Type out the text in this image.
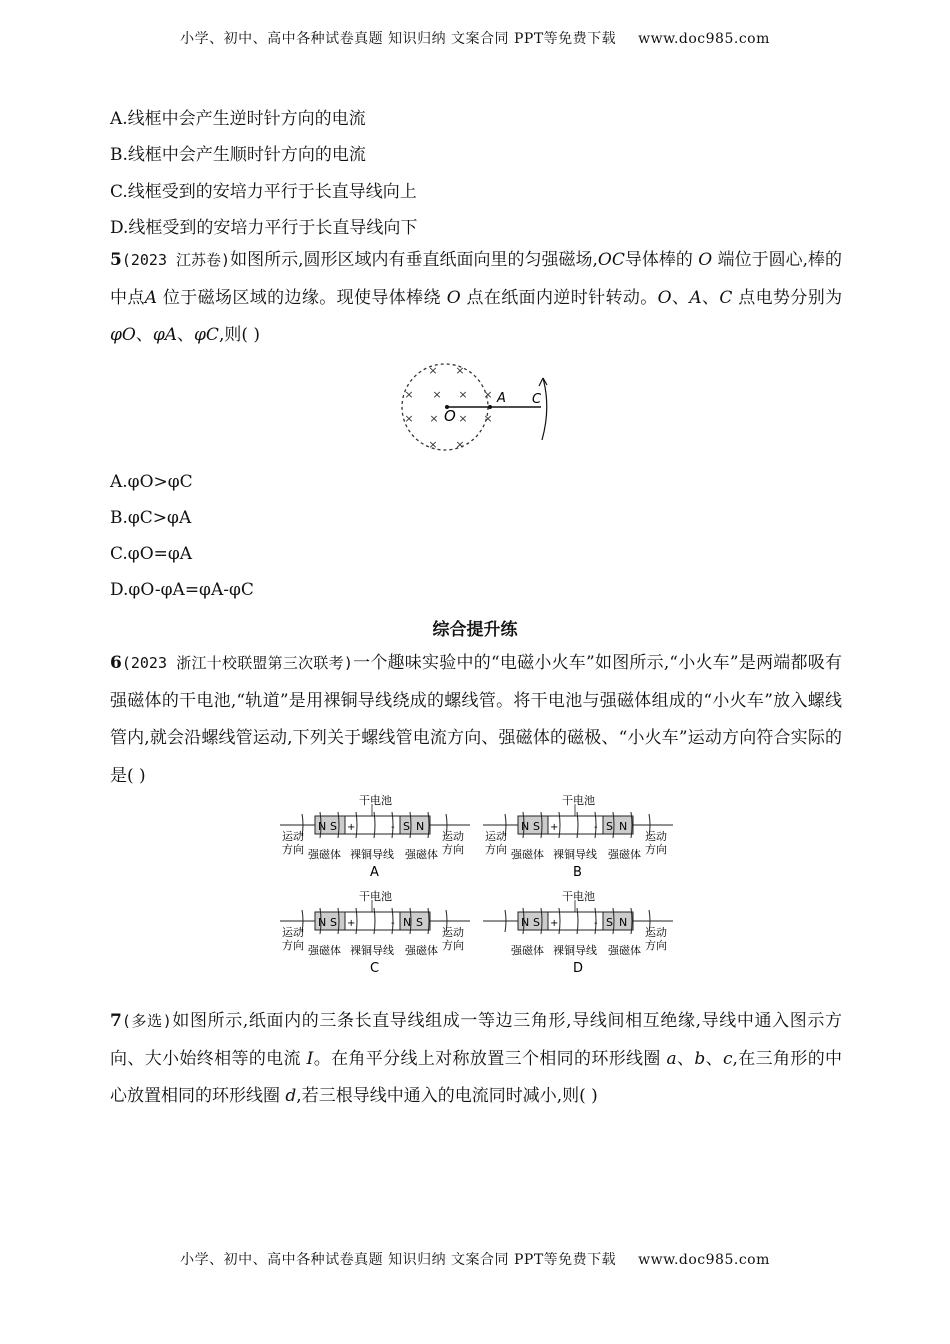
小学、初中、高中各种试卷真题 知识归纳 文案合同 PPT等免费下载 www.doc985.com
A.线框中会产生逆时针方向的电流
B.线框中会产生顺时针方向的电流
C.线框受到的安培力平行于长直导线向上
D.线框受到的安培力平行于长直导线向下
5(2023 江苏卷)如图所示,圆形区域内有垂直纸面向里的匀强磁场,OC导体棒的 O 端位于圆心,棒的中点A 位于磁场区域的边缘。现使导体棒绕 O 点在纸面内逆时针转动。O、A、C 点电势分别为φO、φA、φC,则( )
× ×
× × × ×
× × × ×
× ×
O
A C
A.φO>φC
B.φC>φA
C.φO=φA
D.φO-φA=φA-φC
综合提升练
6(2023 浙江十校联盟第三次联考)一个趣味实验中的“电磁小火车”如图所示,“小火车”是两端都吸有强磁体的干电池,“轨道”是用裸铜导线绕成的螺线管。将干电池与强磁体组成的“小火车”放入螺线管内,就会沿螺线管运动,下列关于螺线管电流方向、强磁体的磁极、“小火车”运动方向符合实际的是( )
干电池
N S	S N
+	-
运动
方向
运动
方向
强磁体 裸铜导线 强磁体
A
干电池
N S	S N
+	-
运动
方向
运动
方向
强磁体 裸铜导线 强磁体
B
干电池
N S	N S
+	-
运动
方向
运动
方向
强磁体 裸铜导线 强磁体
C
干电池
N S	S N
+	-
运动
方向
强磁体 裸铜导线 强磁体
D
7(多选)如图所示,纸面内的三条长直导线组成一等边三角形,导线间相互绝缘,导线中通入图示方向、大小始终相等的电流 I。在角平分线上对称放置三个相同的环形线圈 a、b、c,在三角形的中心放置相同的环形线圈 d,若三根导线中通入的电流同时减小,则( )
小学、初中、高中各种试卷真题 知识归纳 文案合同 PPT等免费下载 www.doc985.com
